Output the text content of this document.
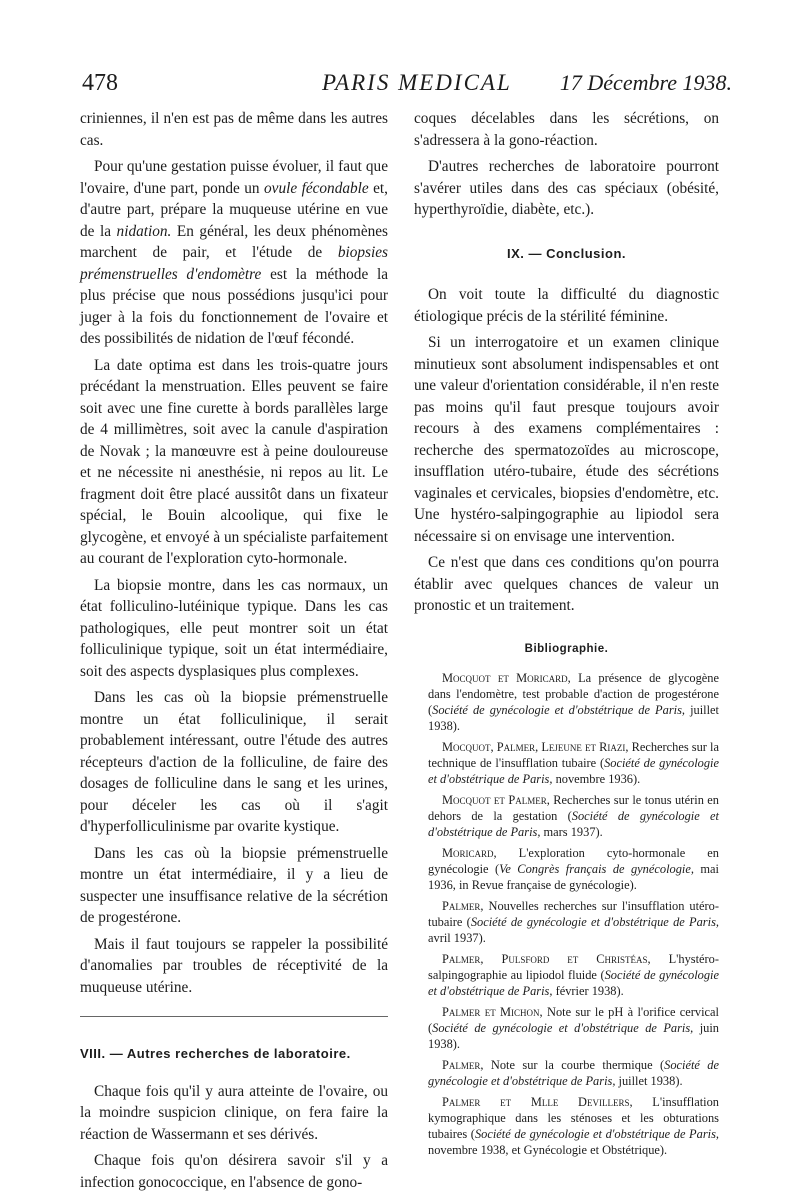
478	PARIS MEDICAL 17 Décembre 1938.

criniennes, il n'en est pas de même dans les autres cas.

Pour qu'une gestation puisse évoluer, il faut que l'ovaire, d'une part, ponde un ovule fécondable et, d'autre part, prépare la muqueuse utérine en vue de la nidation. En général, les deux phénomènes marchent de pair, et l'étude de biopsies prémenstruelles d'endomètre est la méthode la plus précise que nous possédions jusqu'ici pour juger à la fois du fonctionnement de l'ovaire et des possibilités de nidation de l'œuf fécondé.

La date optima est dans les trois-quatre jours précédant la menstruation. Elles peuvent se faire soit avec une fine curette à bords parallèles large de 4 millimètres, soit avec la canule d'aspiration de Novak ; la manœuvre est à peine douloureuse et ne nécessite ni anesthésie, ni repos au lit. Le fragment doit être placé aussitôt dans un fixateur spécial, le Bouin alcoolique, qui fixe le glycogène, et envoyé à un spécialiste parfaitement au courant de l'exploration cyto-hormonale.

La biopsie montre, dans les cas normaux, un état folliculino-lutéinique typique. Dans les cas pathologiques, elle peut montrer soit un état folliculinique typique, soit un état intermédiaire, soit des aspects dysplasiques plus complexes.

Dans les cas où la biopsie prémenstruelle montre un état folliculinique, il serait probablement intéressant, outre l'étude des autres récepteurs d'action de la folliculine, de faire des dosages de folliculine dans le sang et les urines, pour déceler les cas où il s'agit d'hyperfolliculinisme par ovarite kystique.

Dans les cas où la biopsie prémenstruelle montre un état intermédiaire, il y a lieu de suspecter une insuffisance relative de la sécrétion de progestérone.

Mais il faut toujours se rappeler la possibilité d'anomalies par troubles de réceptivité de la muqueuse utérine.

VIII. — Autres recherches de laboratoire.

Chaque fois qu'il y aura atteinte de l'ovaire, ou la moindre suspicion clinique, on fera faire la réaction de Wassermann et ses dérivés.

Chaque fois qu'on désirera savoir s'il y a infection gonococcique, en l'absence de gono-

coques décelables dans les sécrétions, on s'adressera à la gono-réaction.

D'autres recherches de laboratoire pourront s'avérer utiles dans des cas spéciaux (obésité, hyperthyroïdie, diabète, etc.).

IX. — Conclusion.

On voit toute la difficulté du diagnostic étiologique précis de la stérilité féminine.

Si un interrogatoire et un examen clinique minutieux sont absolument indispensables et ont une valeur d'orientation considérable, il n'en reste pas moins qu'il faut presque toujours avoir recours à des examens complémentaires : recherche des spermatozoïdes au microscope, insufflation utéro-tubaire, étude des sécrétions vaginales et cervicales, biopsies d'endomètre, etc. Une hystéro-salpingographie au lipiodol sera nécessaire si on envisage une intervention.

Ce n'est que dans ces conditions qu'on pourra établir avec quelques chances de valeur un pronostic et un traitement.

Bibliographie.

Mocquot et Moricard, La présence de glycogène dans l'endomètre, test probable d'action de progestérone (Société de gynécologie et d'obstétrique de Paris, juillet 1938).

Mocquot, Palmer, Lejeune et Riazi, Recherches sur la technique de l'insufflation tubaire (Société de gynécologie et d'obstétrique de Paris, novembre 1936).

Mocquot et Palmer, Recherches sur le tonus utérin en dehors de la gestation (Société de gynécologie et d'obstétrique de Paris, mars 1937).

Moricard, L'exploration cyto-hormonale en gynécologie (Ve Congrès français de gynécologie, mai 1936, in Revue française de gynécologie).

Palmer, Nouvelles recherches sur l'insufflation utéro-tubaire (Société de gynécologie et d'obstétrique de Paris, avril 1937).

Palmer, Pulsford et Christéas, L'hystéro-salpingographie au lipiodol fluide (Société de gynécologie et d'obstétrique de Paris, février 1938).

Palmer et Michon, Note sur le pH à l'orifice cervical (Société de gynécologie et d'obstétrique de Paris, juin 1938).

Palmer, Note sur la courbe thermique (Société de gynécologie et d'obstétrique de Paris, juillet 1938).

Palmer et Mlle Devillers, L'insufflation kymographique dans les sténoses et les obturations tubaires (Société de gynécologie et d'obstétrique de Paris, novembre 1938, et Gynécologie et Obstétrique).
